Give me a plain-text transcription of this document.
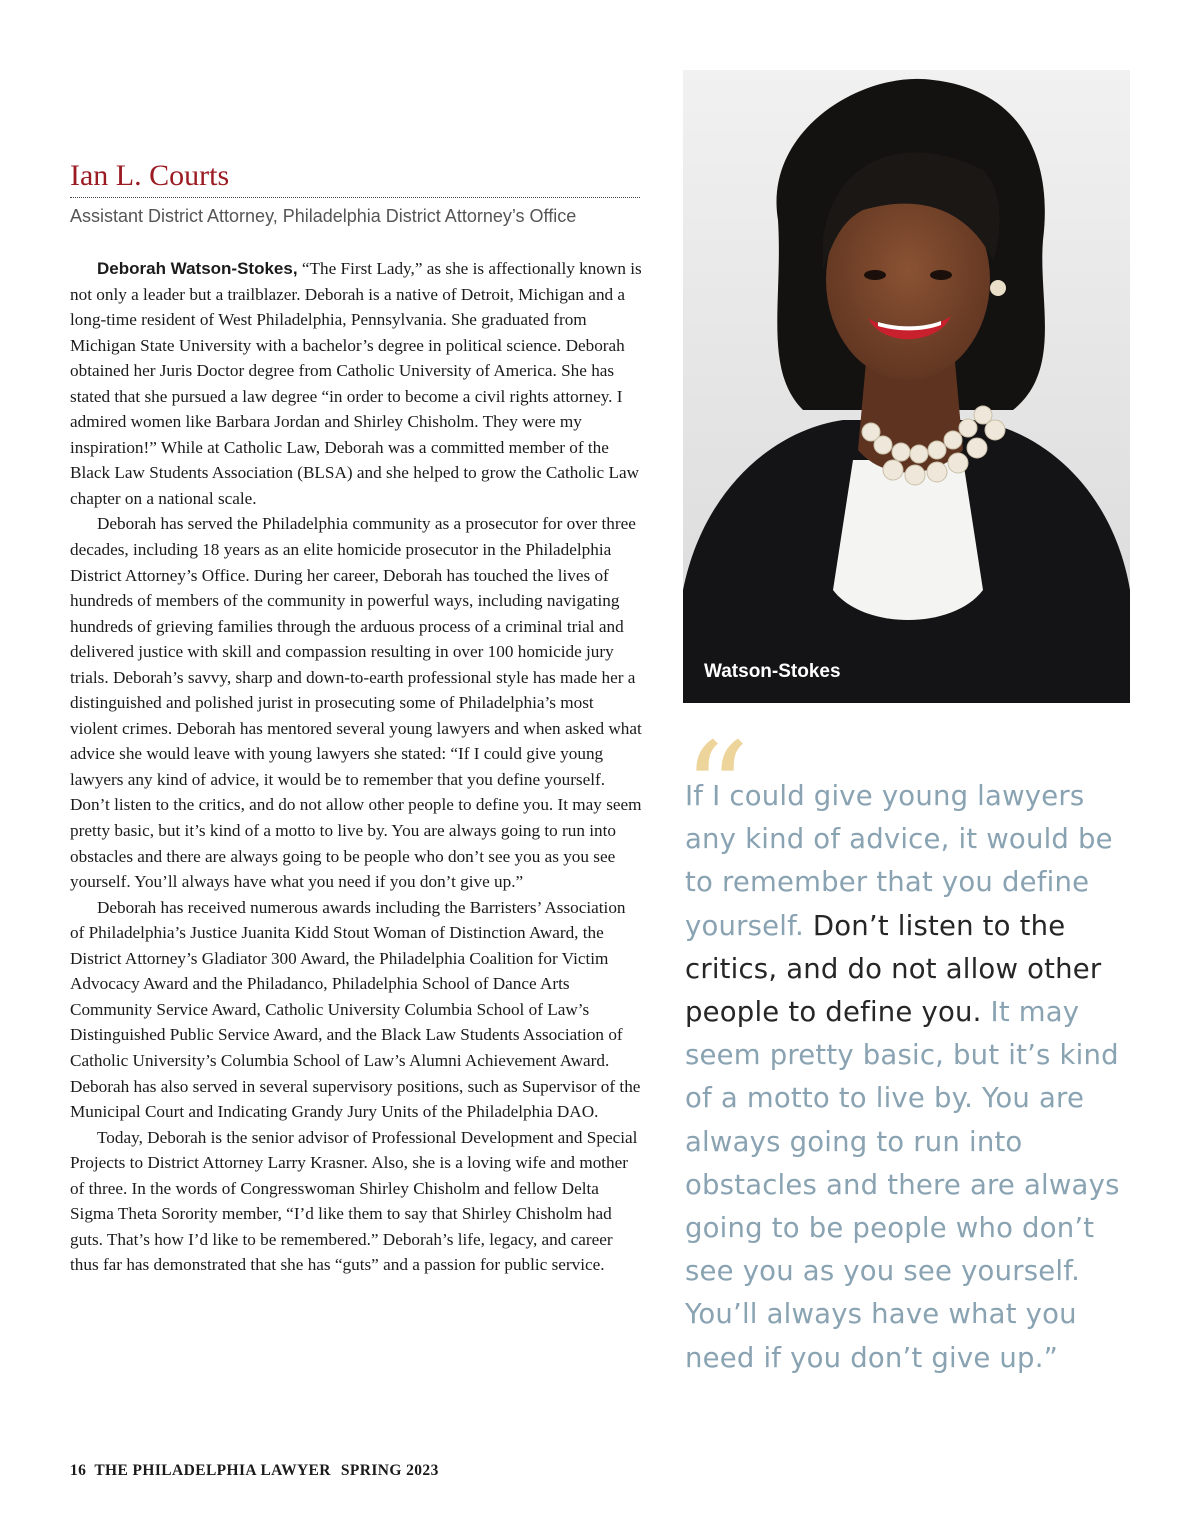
Ian L. Courts

Assistant District Attorney, Philadelphia District Attorney’s Office

Deborah Watson-Stokes, “The First Lady,” as she is affectionally known is not only a leader but a trailblazer. Deborah is a native of Detroit, Michigan and a long-time resident of West Philadelphia, Pennsylvania. She graduated from Michigan State University with a bachelor’s degree in political science. Deborah obtained her Juris Doctor degree from Catholic University of America. She has stated that she pursued a law degree “in order to become a civil rights attorney. I admired women like Barbara Jordan and Shirley Chisholm. They were my inspiration!” While at Catholic Law, Deborah was a committed member of the Black Law Students Association (BLSA) and she helped to grow the Catholic Law chapter on a national scale.

Deborah has served the Philadelphia community as a prosecutor for over three decades, including 18 years as an elite homicide prosecutor in the Philadelphia District Attorney’s Office. During her career, Deborah has touched the lives of hundreds of members of the community in powerful ways, including navigating hundreds of grieving families through the arduous process of a criminal trial and delivered justice with skill and compassion resulting in over 100 homicide jury trials. Deborah’s savvy, sharp and down-to-earth professional style has made her a distinguished and polished jurist in prosecuting some of Philadelphia’s most violent crimes. Deborah has mentored several young lawyers and when asked what advice she would leave with young lawyers she stated: “If I could give young lawyers any kind of advice, it would be to remember that you define yourself. Don’t listen to the critics, and do not allow other people to define you. It may seem pretty basic, but it’s kind of a motto to live by. You are always going to run into obstacles and there are always going to be people who don’t see you as you see yourself. You’ll always have what you need if you don’t give up.”

Deborah has received numerous awards including the Barristers’ Association of Philadelphia’s Justice Juanita Kidd Stout Woman of Distinction Award, the District Attorney’s Gladiator 300 Award, the Philadelphia Coalition for Victim Advocacy Award and the Philadanco, Philadelphia School of Dance Arts Community Service Award, Catholic University Columbia School of Law’s Distinguished Public Service Award, and the Black Law Students Association of Catholic University’s Columbia School of Law’s Alumni Achievement Award. Deborah has also served in several supervisory positions, such as Supervisor of the Municipal Court and Indicating Grandy Jury Units of the Philadelphia DAO.

Today, Deborah is the senior advisor of Professional Development and Special Projects to District Attorney Larry Krasner. Also, she is a loving wife and mother of three. In the words of Congresswoman Shirley Chisholm and fellow Delta Sigma Theta Sorority member, “I’d like them to say that Shirley Chisholm had guts. That’s how I’d like to be remembered.” Deborah’s life, legacy, and career thus far has demonstrated that she has “guts” and a passion for public service.

Watson-Stokes
“

If I could give young lawyers any kind of advice, it would be to remember that you define yourself. Don’t listen to the critics, and do not allow other people to define you. It may seem pretty basic, but it’s kind of a motto to live by. You are always going to run into obstacles and there are always going to be people who don’t see you as you see yourself. You’ll always have what you need if you don’t give up.”

16 THE PHILADELPHIA LAWYER SPRING 2023
